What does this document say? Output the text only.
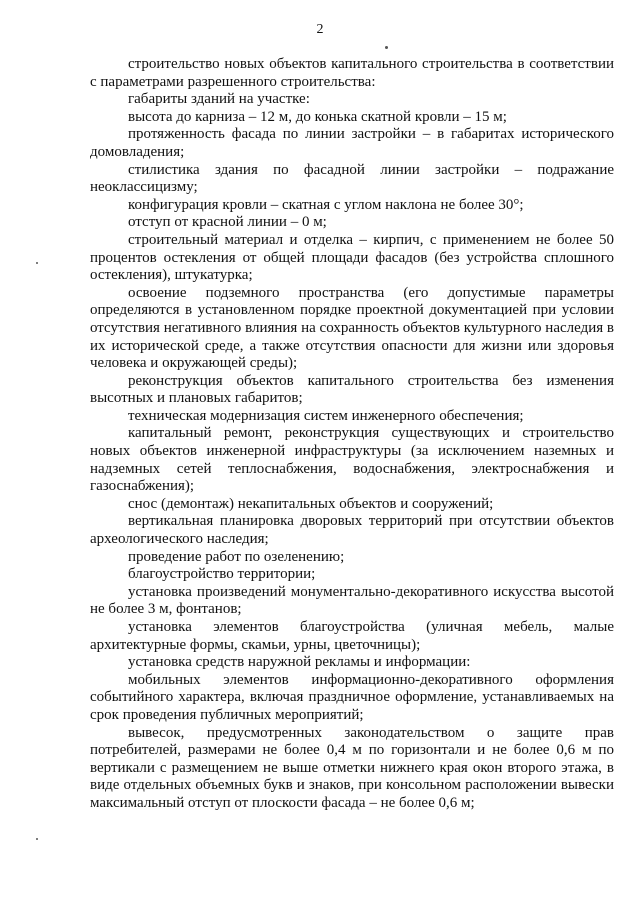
2

строительство новых объектов капитального строительства в соответствии с параметрами разрешенного строительства:

габариты зданий на участке:

высота до карниза – 12 м, до конька скатной кровли – 15 м;

протяженность фасада по линии застройки – в габаритах исторического домовладения;

стилистика здания по фасадной линии застройки – подражание неоклассицизму;

конфигурация кровли – скатная с углом наклона не более 30°;

отступ от красной линии – 0 м;

строительный материал и отделка – кирпич, с применением не более 50 процентов остекления от общей площади фасадов (без устройства сплошного остекления), штукатурка;

освоение подземного пространства (его допустимые параметры определяются в установленном порядке проектной документацией при условии отсутствия негативного влияния на сохранность объектов культурного наследия в их исторической среде, а также отсутствия опасности для жизни или здоровья человека и окружающей среды);

реконструкция объектов капитального строительства без изменения высотных и плановых габаритов;

техническая модернизация систем инженерного обеспечения;

капитальный ремонт, реконструкция существующих и строительство новых объектов инженерной инфраструктуры (за исключением наземных и надземных сетей теплоснабжения, водоснабжения, электроснабжения и газоснабжения);

снос (демонтаж) некапитальных объектов и сооружений;

вертикальная планировка дворовых территорий при отсутствии объектов археологического наследия;

проведение работ по озеленению;

благоустройство территории;

установка произведений монументально-декоративного искусства высотой не более 3 м, фонтанов;

установка элементов благоустройства (уличная мебель, малые архитектурные формы, скамьи, урны, цветочницы);

установка средств наружной рекламы и информации:

мобильных элементов информационно-декоративного оформления событийного характера, включая праздничное оформление, устанавливаемых на срок проведения публичных мероприятий;

вывесок, предусмотренных законодательством о защите прав потребителей, размерами не более 0,4 м по горизонтали и не более 0,6 м по вертикали с размещением не выше отметки нижнего края окон второго этажа, в виде отдельных объемных букв и знаков, при консольном расположении вывески максимальный отступ от плоскости фасада – не более 0,6 м;
